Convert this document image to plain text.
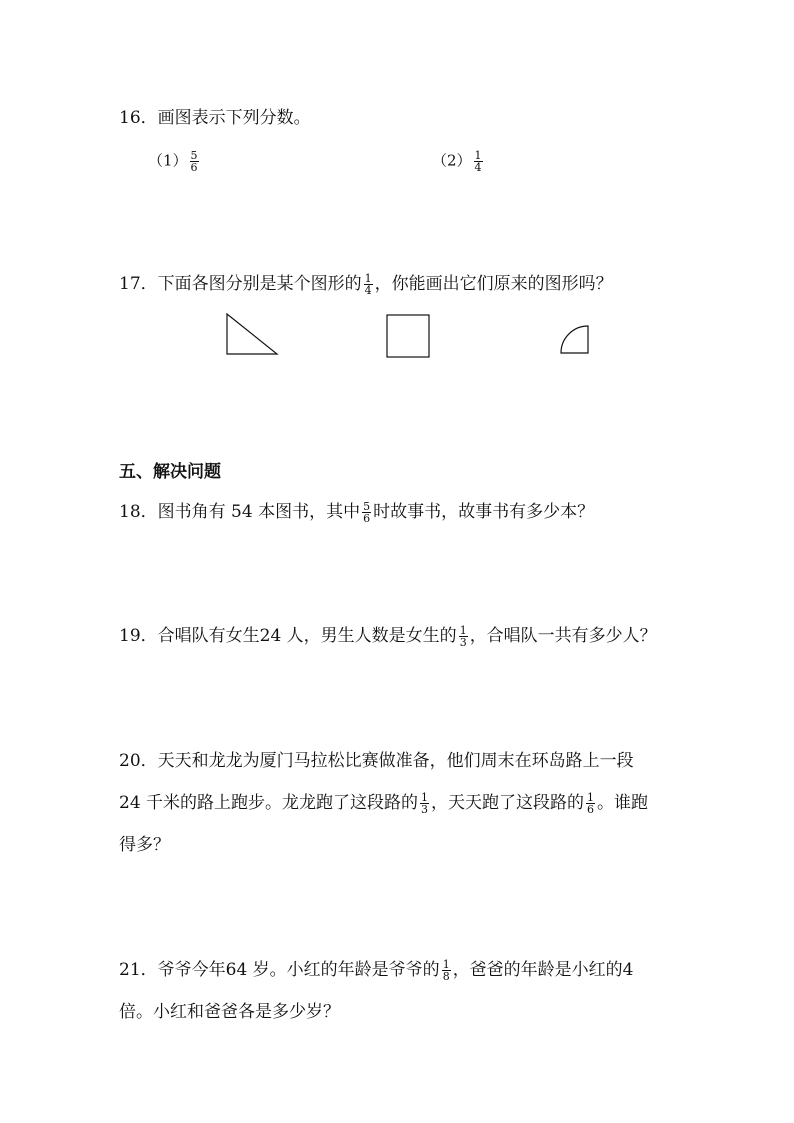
16．画图表示下列分数。
$(1) \frac{5}{6}$	$(2) \frac{1}{4}$
17．下面各图分别是某个图形的 $\frac{1}{4}$ ，你能画出它们原来的图形吗？
五、解决问题
18．图书角有 54 本图书，其中 $\frac{5}{6}$ 时故事书，故事书有多少本？
19．合唱队有女生24 人，男生人数是女生的 $\frac{1}{3}$ ，合唱队一共有多少人？
20．天天和龙龙为厦门马拉松比赛做准备，他们周末在环岛路上一段
24 千米的路上跑步。龙龙跑了这段路的 $\frac{1}{3}$ ，天天跑了这段路的 $\frac{1}{6}$ 。谁跑
得多？
21．爷爷今年64 岁。小红的年龄是爷爷的 $\frac{1}{8}$ ，爸爸的年龄是小红的4
倍。小红和爸爸各是多少岁？
